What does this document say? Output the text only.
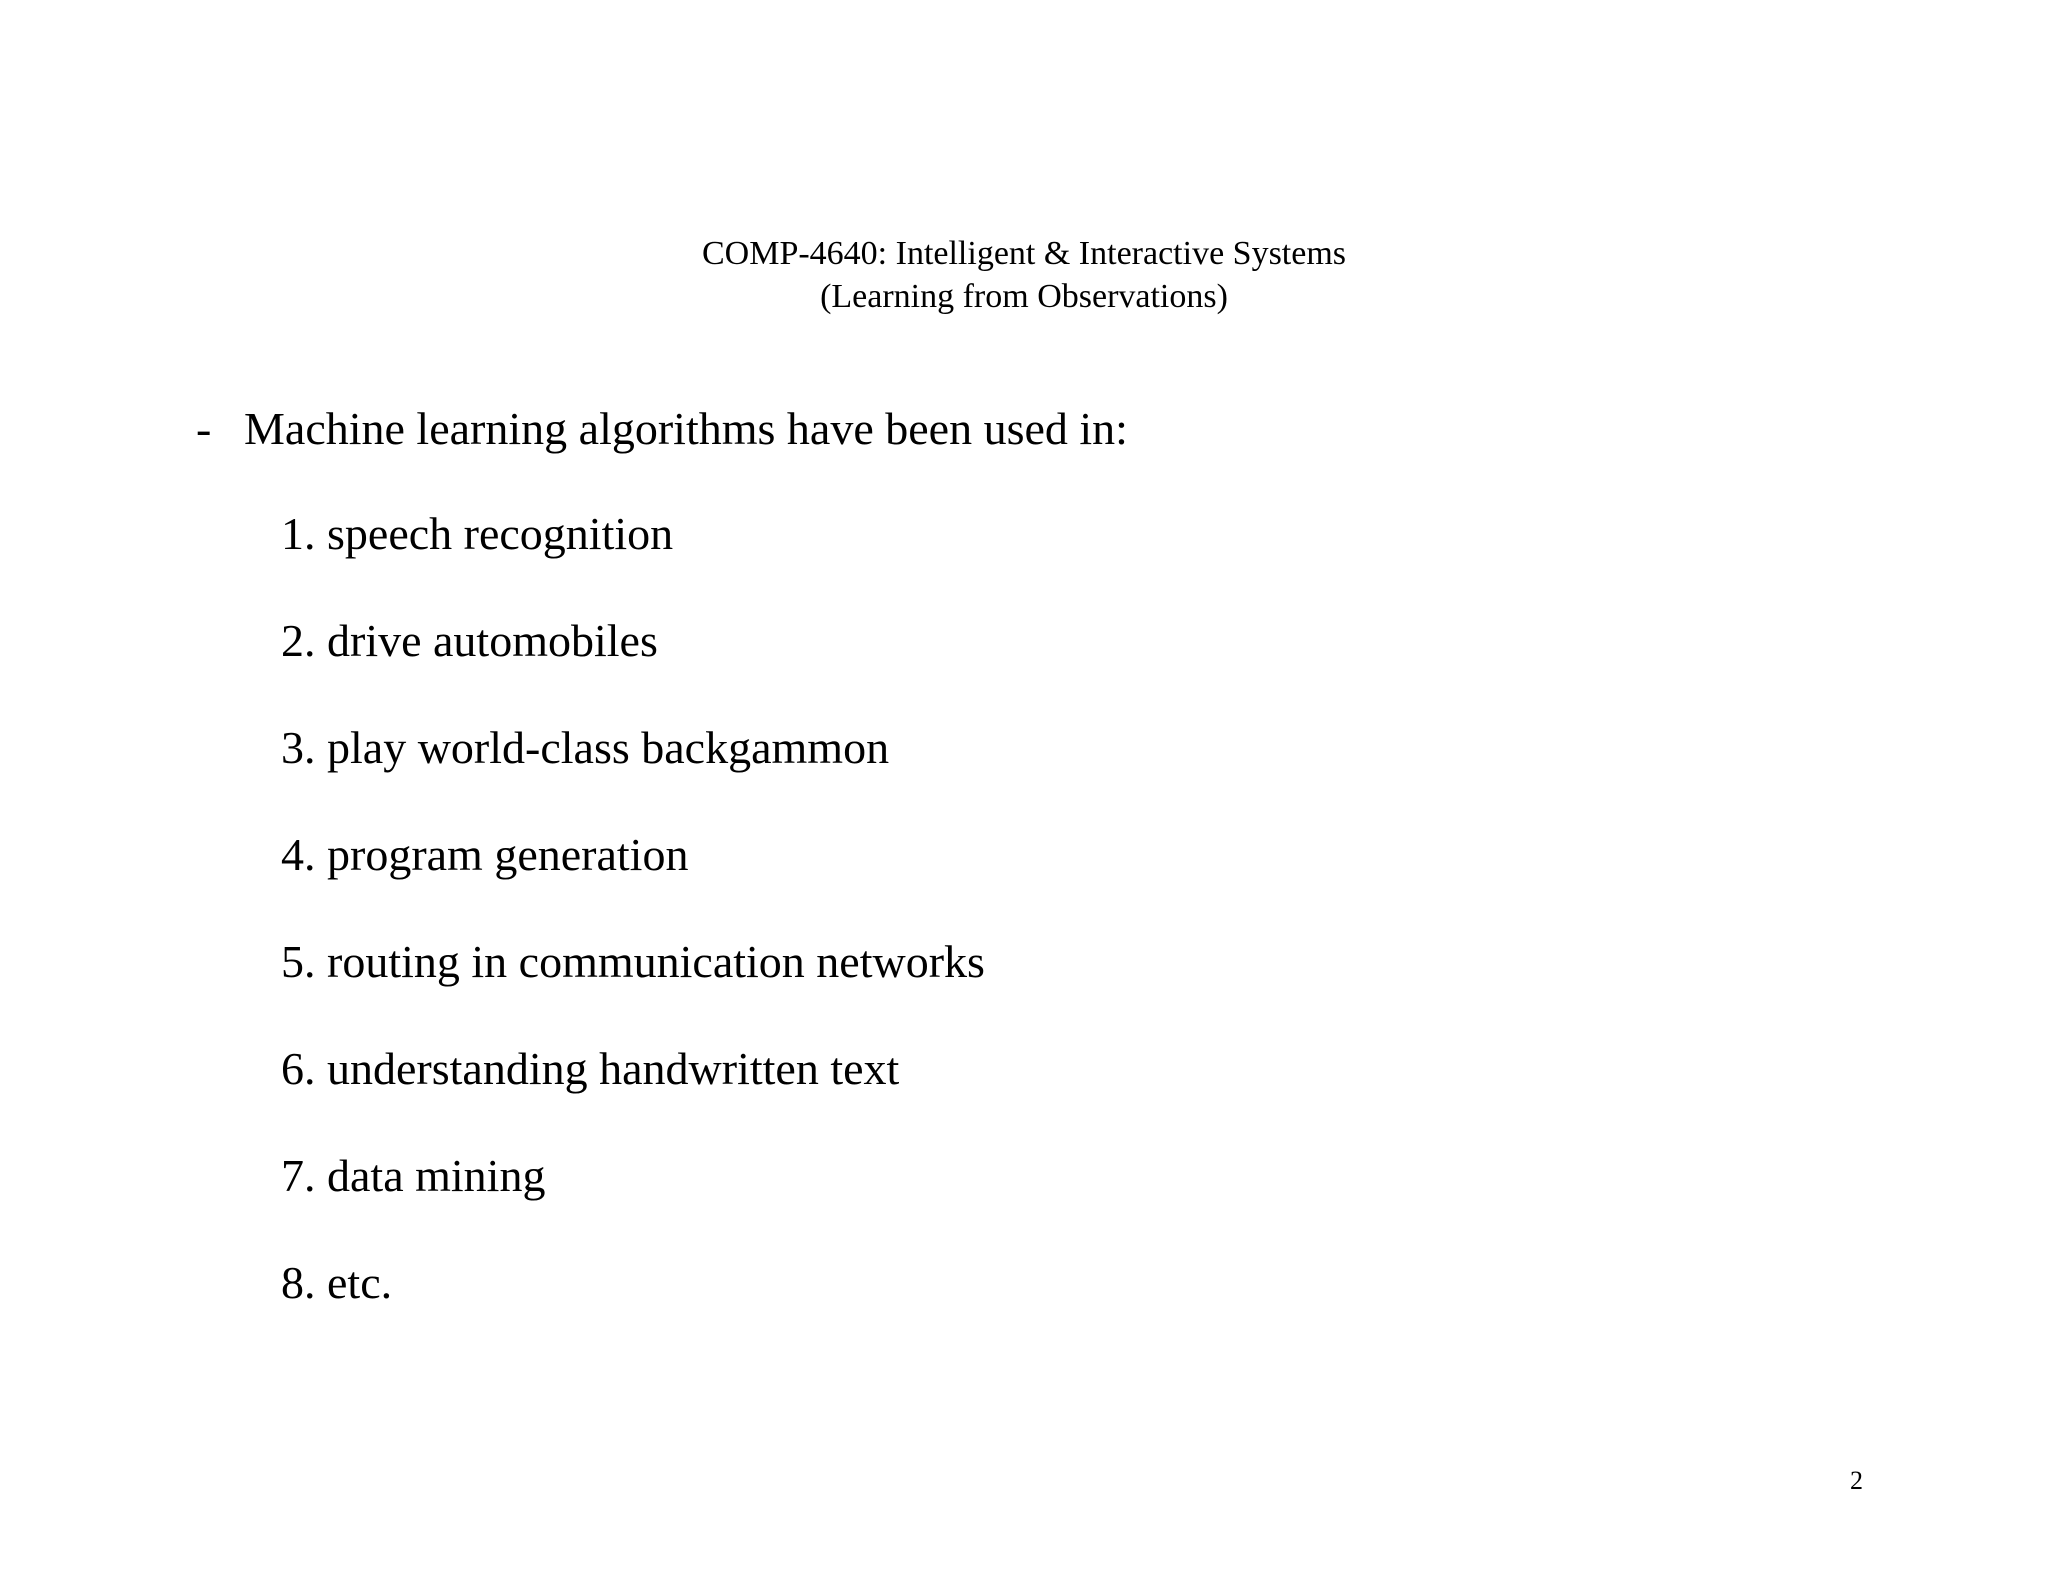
COMP-4640: Intelligent & Interactive Systems
(Learning from Observations)
- Machine learning algorithms have been used in:
1. speech recognition
2. drive automobiles
3. play world-class backgammon
4. program generation
5. routing in communication networks
6. understanding handwritten text
7. data mining
8. etc.
2
